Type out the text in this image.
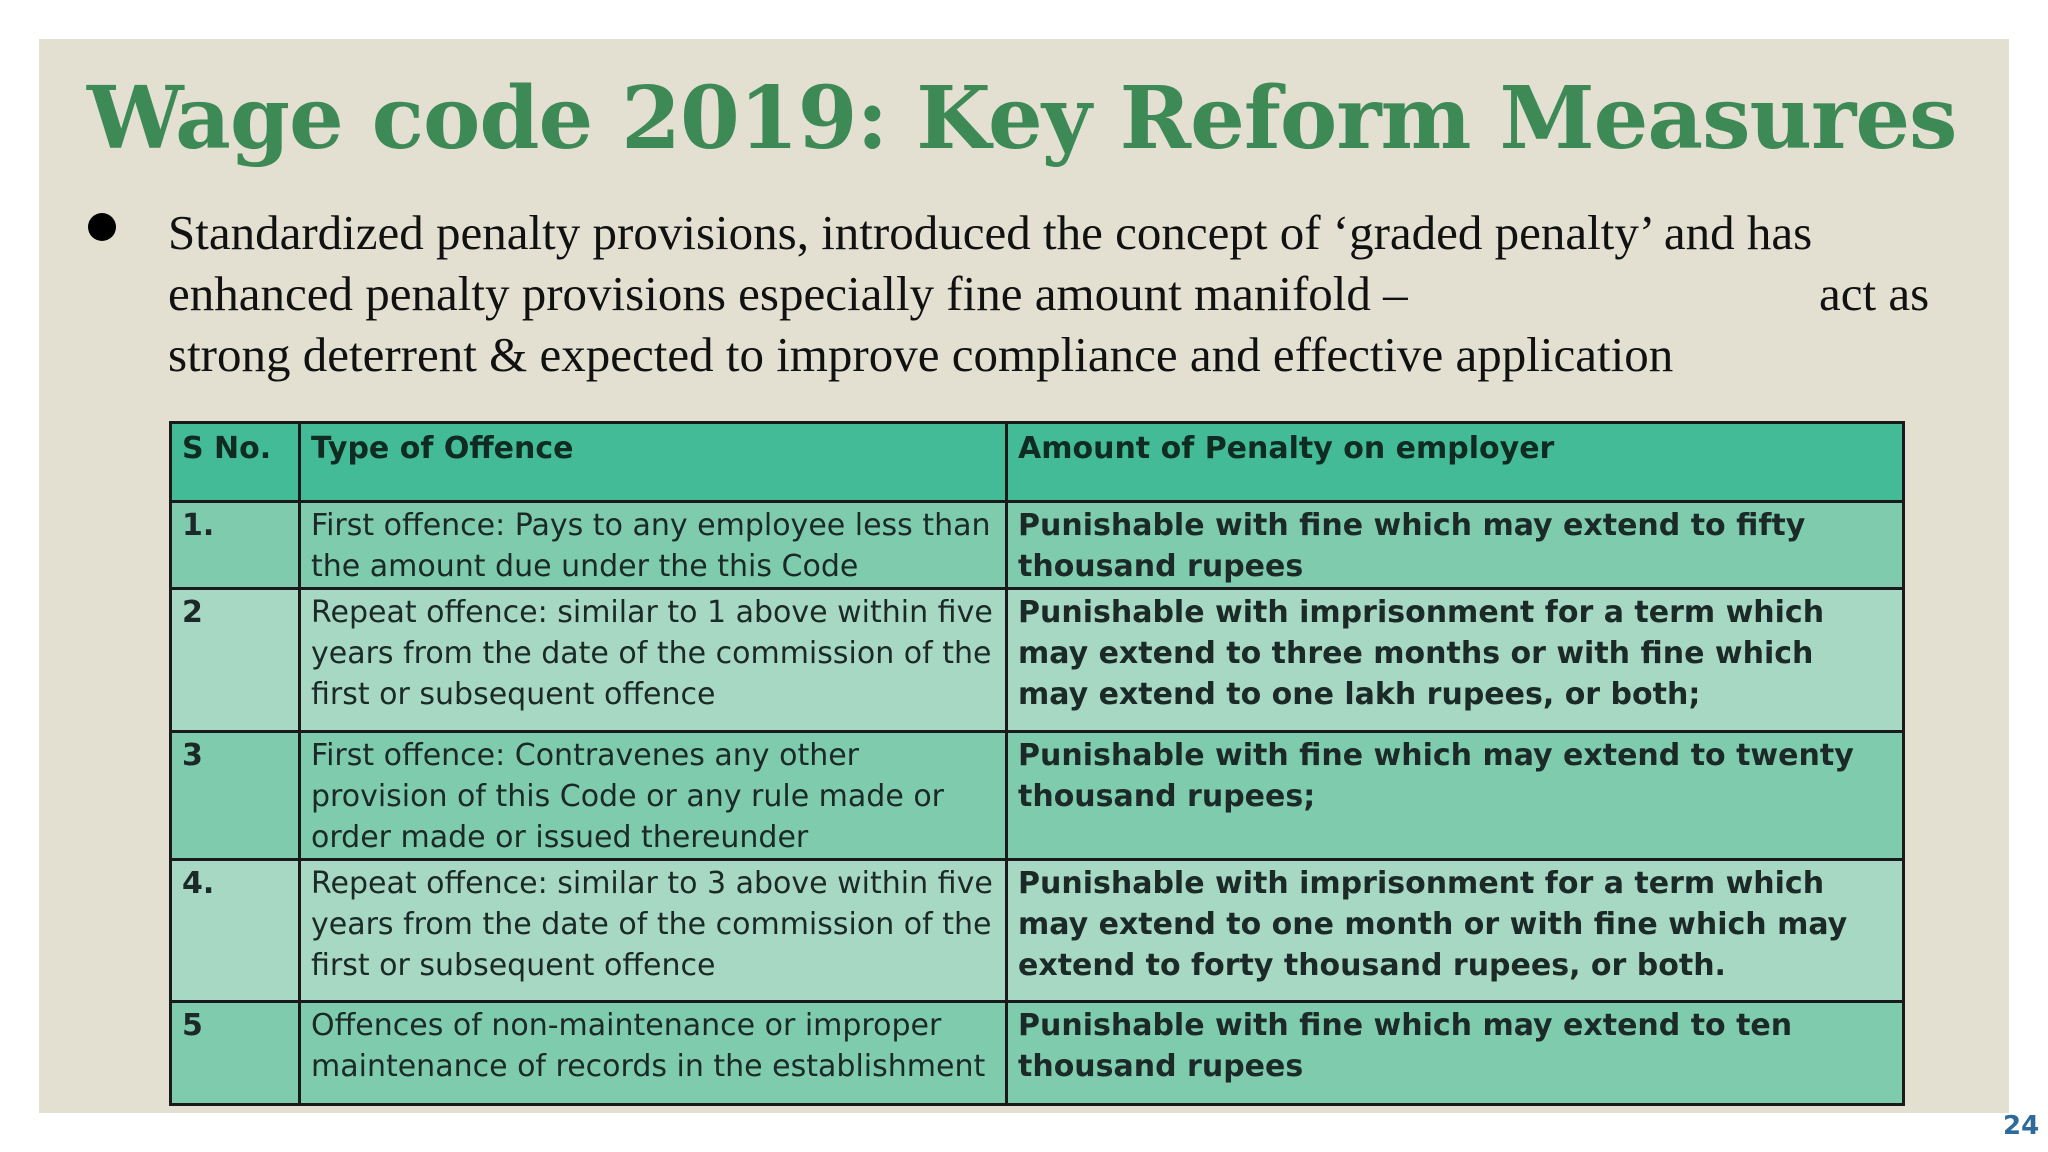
Wage code 2019: Key Reform Measures

Standardized penalty provisions, introduced the concept of ‘graded penalty’ and has
enhanced penalty provisions especially fine amount manifold –	act as
strong deterrent & expected to improve compliance and effective application

S No.	Type of Offence	Amount of Penalty on employer
1.	First offence: Pays to any employee less than the amount due under the this Code	Punishable with fine which may extend to fifty thousand rupees
2	Repeat offence: similar to 1 above within five years from the date of the commission of the first or subsequent offence	Punishable with imprisonment for a term which may extend to three months or with fine which may extend to one lakh rupees, or both;
3	First offence: Contravenes any other provision of this Code or any rule made or order made or issued thereunder	Punishable with fine which may extend to twenty thousand rupees;
4.	Repeat offence: similar to 3 above within five years from the date of the commission of the first or subsequent offence	Punishable with imprisonment for a term which may extend to one month or with fine which may extend to forty thousand rupees, or both.
5	Offences of non-maintenance or improper maintenance of records in the establishment	Punishable with fine which may extend to ten thousand rupees
24
